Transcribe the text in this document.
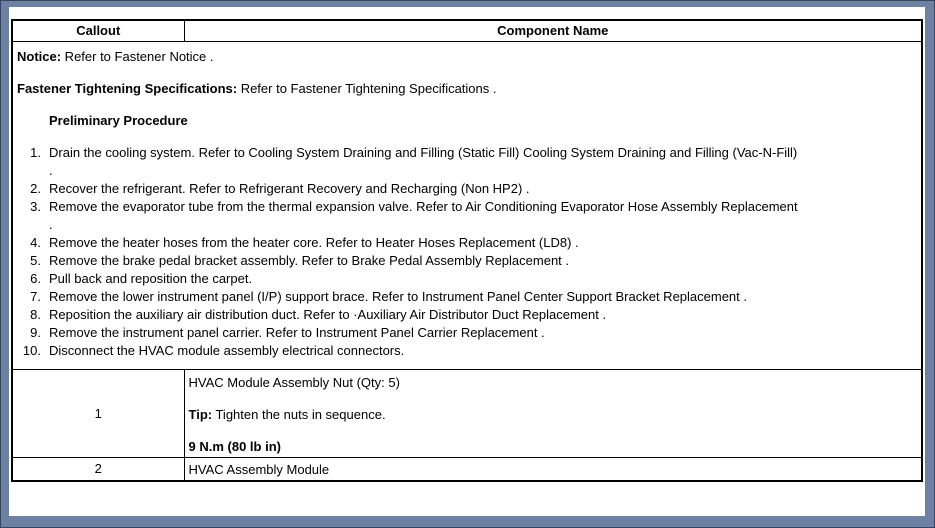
Callout	Component Name

Notice: Refer to Fastener Notice .

Fastener Tightening Specifications: Refer to Fastener Tightening Specifications .

Preliminary Procedure

1. Drain the cooling system. Refer to Cooling System Draining and Filling (Static Fill) Cooling System Draining and Filling (Vac-N-Fill)
.
2. Recover the refrigerant. Refer to Refrigerant Recovery and Recharging (Non HP2) .
3. Remove the evaporator tube from the thermal expansion valve. Refer to Air Conditioning Evaporator Hose Assembly Replacement
.
4. Remove the heater hoses from the heater core. Refer to Heater Hoses Replacement (LD8) .
5. Remove the brake pedal bracket assembly. Refer to Brake Pedal Assembly Replacement .
6. Pull back and reposition the carpet.
7. Remove the lower instrument panel (I/P) support brace. Refer to Instrument Panel Center Support Bracket Replacement .
8. Reposition the auxiliary air distribution duct. Refer to ·Auxiliary Air Distributor Duct Replacement .
9. Remove the instrument panel carrier. Refer to Instrument Panel Carrier Replacement .
10. Disconnect the HVAC module assembly electrical connectors.

1	HVAC Module Assembly Nut (Qty: 5)

Tip: Tighten the nuts in sequence.

9 N.m (80 lb in)

2	HVAC Assembly Module
